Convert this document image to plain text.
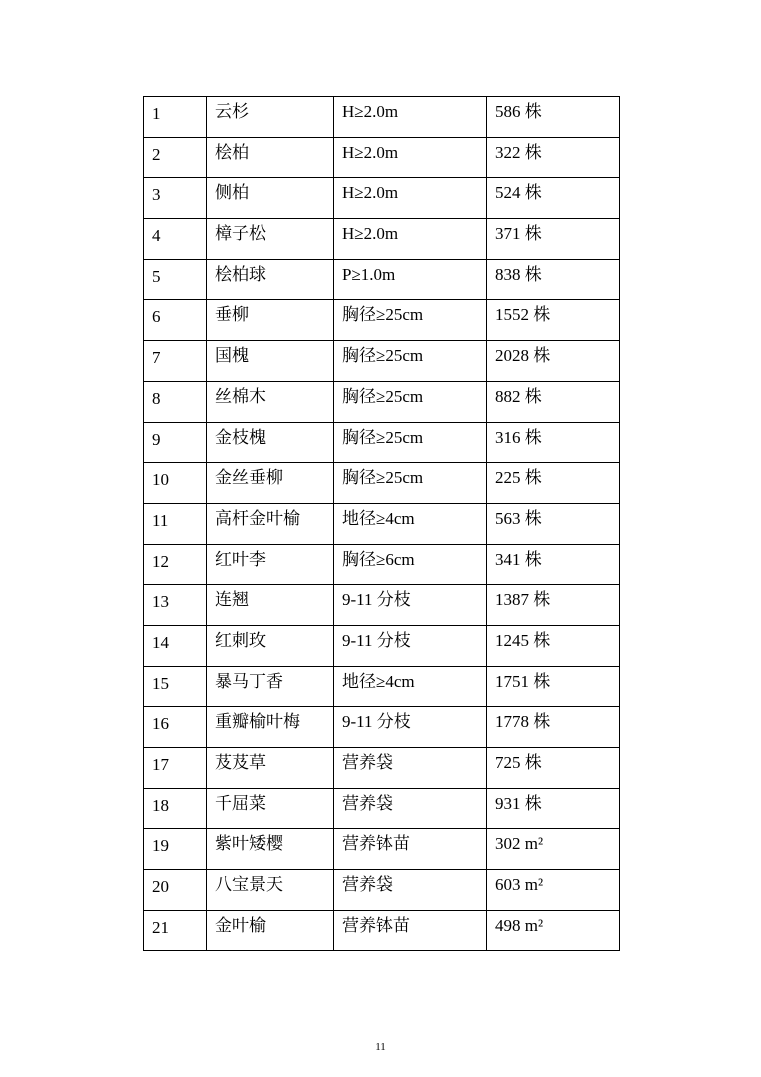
1	云杉	H≥2.0m	586 株

2	桧柏	H≥2.0m	322 株

3	侧柏	H≥2.0m	524 株

4	樟子松	H≥2.0m	371 株

5	桧柏球	P≥1.0m	838 株

6	垂柳	胸径≥25cm	1552 株

7	国槐	胸径≥25cm	2028 株

8	丝棉木	胸径≥25cm	882 株

9	金枝槐	胸径≥25cm	316 株

10	金丝垂柳	胸径≥25cm	225 株

11	高杆金叶榆	地径≥4cm	563 株

12	红叶李	胸径≥6cm	341 株

13	连翘	9-11 分枝	1387 株

14	红刺玫	9-11 分枝	1245 株

15	暴马丁香	地径≥4cm	1751 株

16	重瓣榆叶梅	9-11 分枝	1778 株

17	芨芨草	营养袋	725 株

18	千屈菜	营养袋	931 株

19	紫叶矮樱	营养钵苗	302 m²

20	八宝景天	营养袋	603 m²

21	金叶榆	营养钵苗	498 m²
11
